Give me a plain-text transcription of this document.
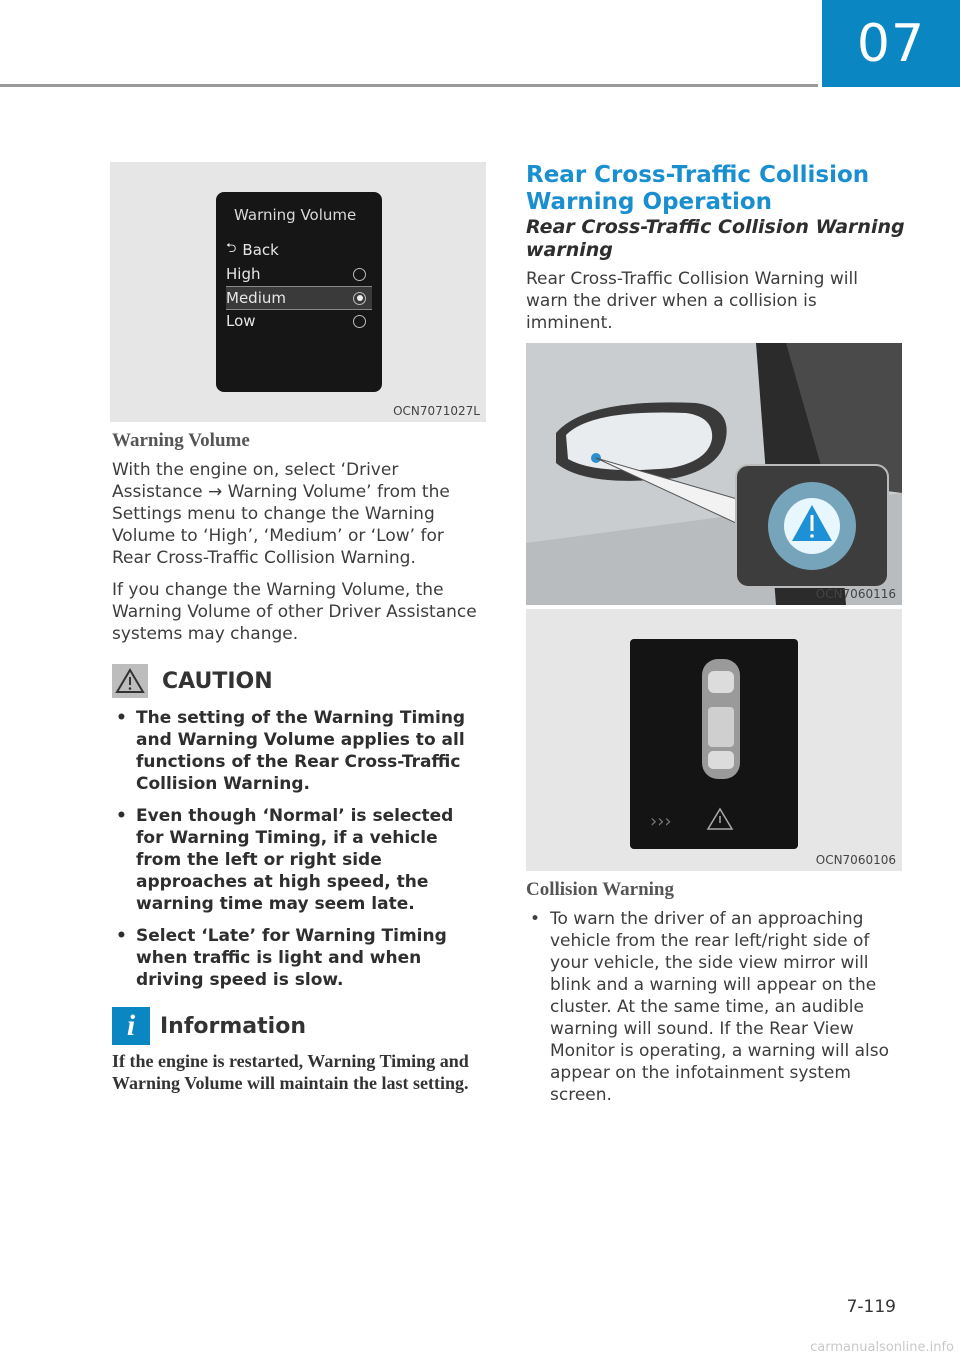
07
Warning Volume
⮌ Back
High
Medium
Low
OCN7071027L
Warning Volume

With the engine on, select ‘Driver Assistance → Warning Volume’ from the Settings menu to change the Warning Volume to ‘High’, ‘Medium’ or ‘Low’ for Rear Cross-Traffic Collision Warning.

If you change the Warning Volume, the Warning Volume of other Driver Assistance systems may change.

CAUTION
• The setting of the Warning Timing and Warning Volume applies to all functions of the Rear Cross-Traffic Collision Warning.
• Even though ‘Normal’ is selected for Warning Timing, if a vehicle from the left or right side approaches at high speed, the warning time may seem late.
• Select ‘Late’ for Warning Timing when traffic is light and when driving speed is slow.
i	Information
If the engine is restarted, Warning Timing and Warning Volume will maintain the last setting.
Rear Cross-Traffic Collision Warning Operation
Rear Cross-Traffic Collision Warning warning
Rear Cross-Traffic Collision Warning will warn the driver when a collision is imminent.
OCN7060116
›››
OCN7060106
Collision Warning
• To warn the driver of an approaching vehicle from the rear left/right side of your vehicle, the side view mirror will blink and a warning will appear on the cluster. At the same time, an audible warning will sound. If the Rear View Monitor is operating, a warning will also appear on the infotainment system screen.
7-119
carmanualsonline.info
